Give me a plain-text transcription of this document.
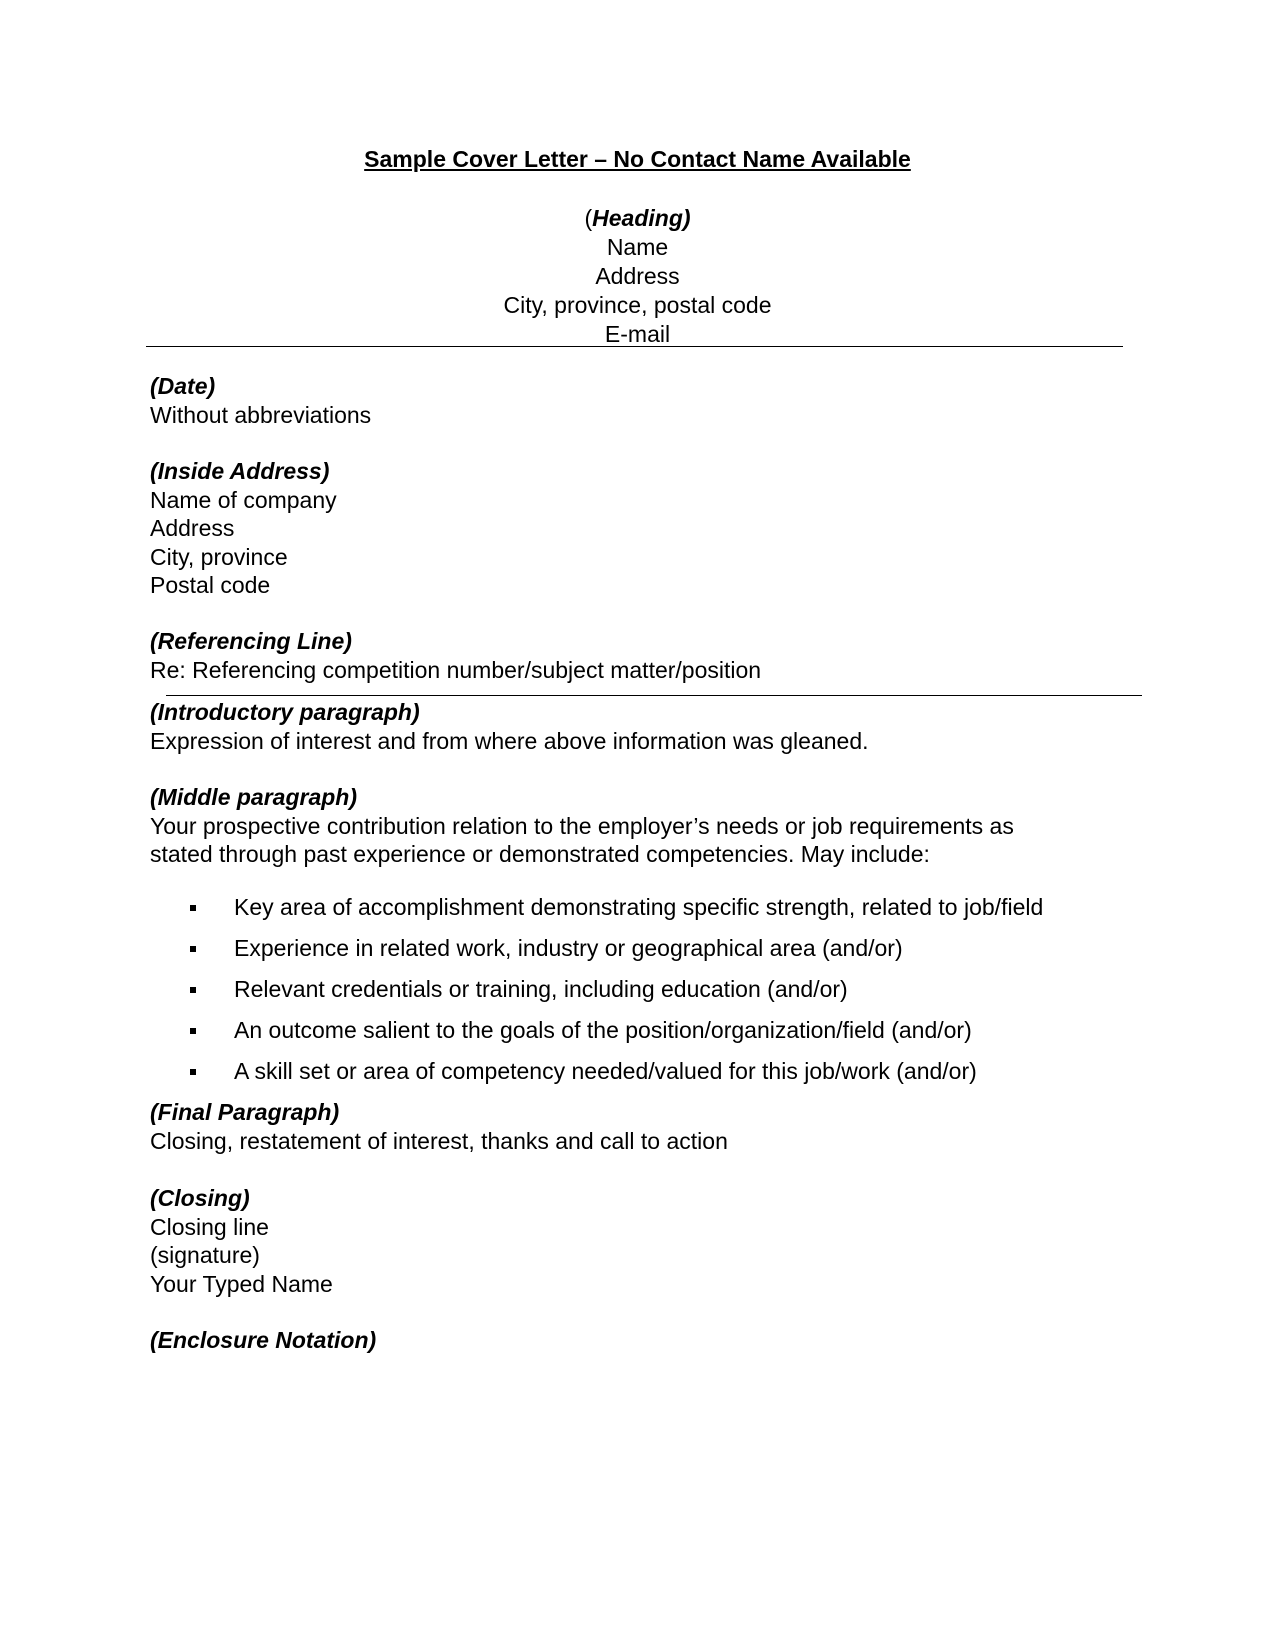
Sample Cover Letter – No Contact Name Available
(Heading)
Name
Address
City, province, postal code
E-mail
(Date)
Without abbreviations
(Inside Address)
Name of company
Address
City, province
Postal code
(Referencing Line)
Re: Referencing competition number/subject matter/position
(Introductory paragraph)
Expression of interest and from where above information was gleaned.
(Middle paragraph)
Your prospective contribution relation to the employer’s needs or job requirements as
stated through past experience or demonstrated competencies. May include:
Key area of accomplishment demonstrating specific strength, related to job/field
Experience in related work, industry or geographical area (and/or)
Relevant credentials or training, including education (and/or)
An outcome salient to the goals of the position/organization/field (and/or)
A skill set or area of competency needed/valued for this job/work (and/or)
(Final Paragraph)
Closing, restatement of interest, thanks and call to action
(Closing)
Closing line
(signature)
Your Typed Name
(Enclosure Notation)
